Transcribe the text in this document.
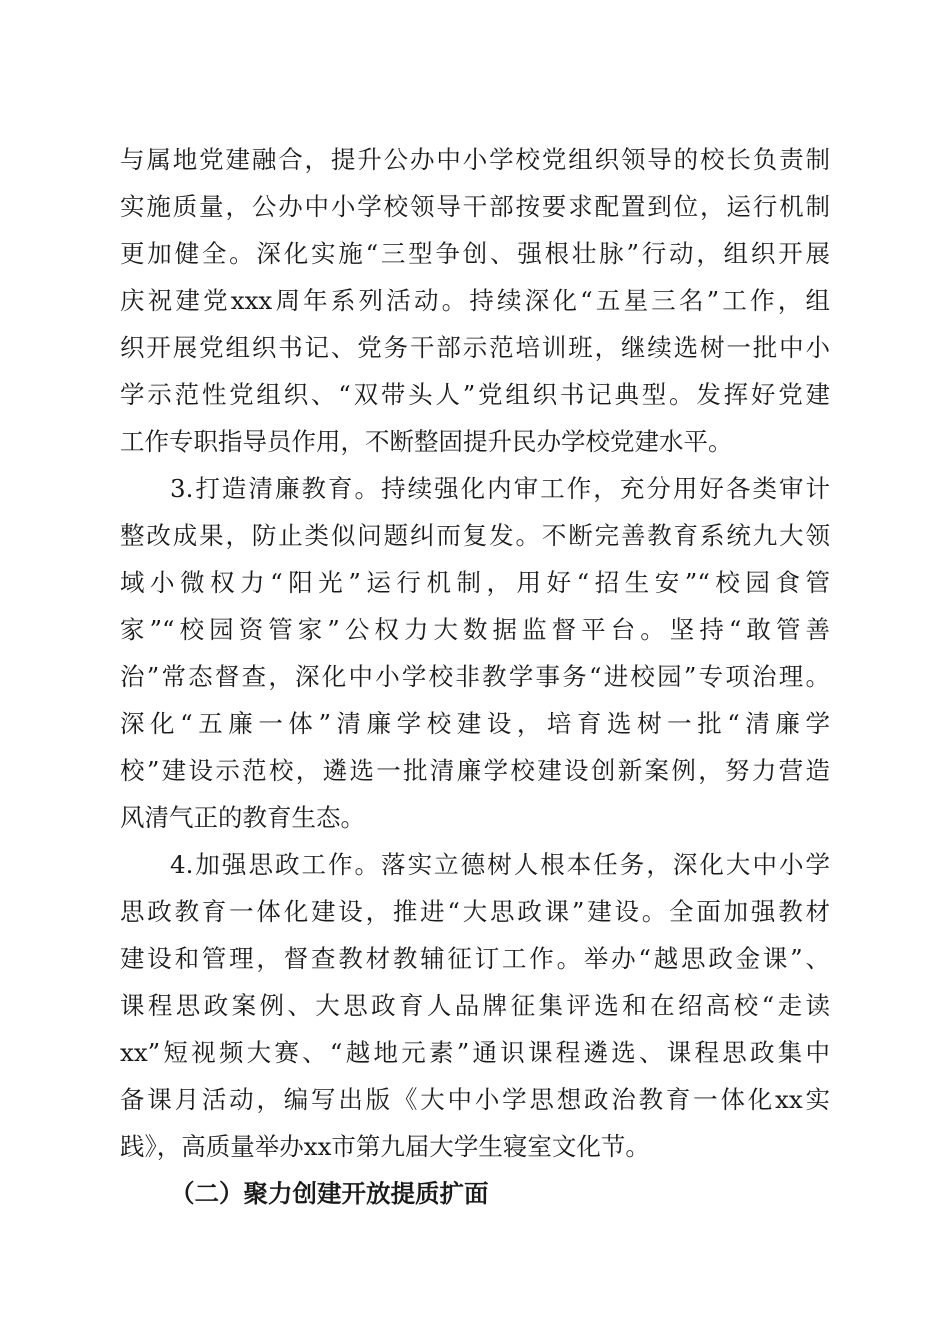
与属地党建融合，提升公办中小学校党组织领导的校长负责制
实施质量，公办中小学校领导干部按要求配置到位，运行机制
更加健全。深化实施“三型争创、强根壮脉”行动，组织开展
庆祝建党xxx周年系列活动。持续深化“五星三名”工作，组
织开展党组织书记、党务干部示范培训班，继续选树一批中小
学示范性党组织、“双带头人”党组织书记典型。发挥好党建
工作专职指导员作用，不断整固提升民办学校党建水平。
3.打造清廉教育。持续强化内审工作，充分用好各类审计
整改成果，防止类似问题纠而复发。不断完善教育系统九大领
域小微权力“阳光”运行机制，用好“招生安”“校园食管
家”“校园资管家”公权力大数据监督平台。坚持“敢管善
治”常态督查，深化中小学校非教学事务“进校园”专项治理。
深化“五廉一体”清廉学校建设，培育选树一批“清廉学
校”建设示范校，遴选一批清廉学校建设创新案例，努力营造
风清气正的教育生态。
4.加强思政工作。落实立德树人根本任务，深化大中小学
思政教育一体化建设，推进“大思政课”建设。全面加强教材
建设和管理，督查教材教辅征订工作。举办“越思政金课”、
课程思政案例、大思政育人品牌征集评选和在绍高校“走读
xx”短视频大赛、“越地元素”通识课程遴选、课程思政集中
备课月活动，编写出版《大中小学思想政治教育一体化xx实
践》，高质量举办xx市第九届大学生寝室文化节。
（二）聚力创建开放提质扩面
